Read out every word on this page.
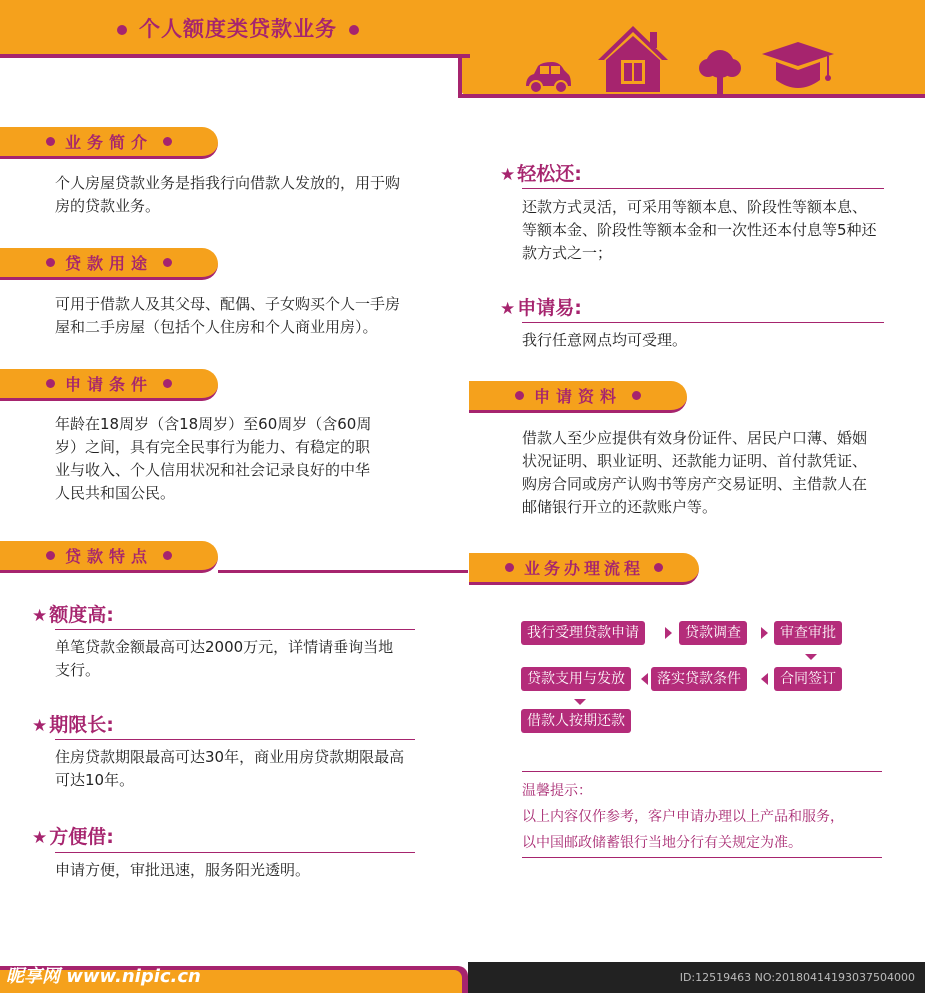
个人额度类贷款业务
业务简介
个人房屋贷款业务是指我行向借款人发放的，用于购
房的贷款业务。
贷款用途
可用于借款人及其父母、配偶、子女购买个人一手房
屋和二手房屋（包括个人住房和个人商业用房）。
申请条件
年龄在18周岁（含18周岁）至60周岁（含60周
岁）之间，具有完全民事行为能力、有稳定的职
业与收入、个人信用状况和社会记录良好的中华
人民共和国公民。
贷款特点
★ 额度高:
单笔贷款金额最高可达2000万元，详情请垂询当地
支行。
★ 期限长:
住房贷款期限最高可达30年，商业用房贷款期限最高
可达10年。
★ 方便借:
申请方便，审批迅速，服务阳光透明。
★ 轻松还:
还款方式灵活，可采用等额本息、阶段性等额本息、
等额本金、阶段性等额本金和一次性还本付息等5种还
款方式之一；
★ 申请易:
我行任意网点均可受理。
申请资料
借款人至少应提供有效身份证件、居民户口薄、婚姻
状况证明、职业证明、还款能力证明、首付款凭证、
购房合同或房产认购书等房产交易证明、主借款人在
邮储银行开立的还款账户等。
业务办理流程
我行受理贷款申请	贷款调查	审查审批
合同签订
落实贷款条件
贷款支用与发放
借款人按期还款
温馨提示：
以上内容仅作参考，客户申请办理以上产品和服务，
以中国邮政储蓄银行当地分行有关规定为准。
昵享网 www.nipic.cn	ID:12519463 NO:20180414193037504000
